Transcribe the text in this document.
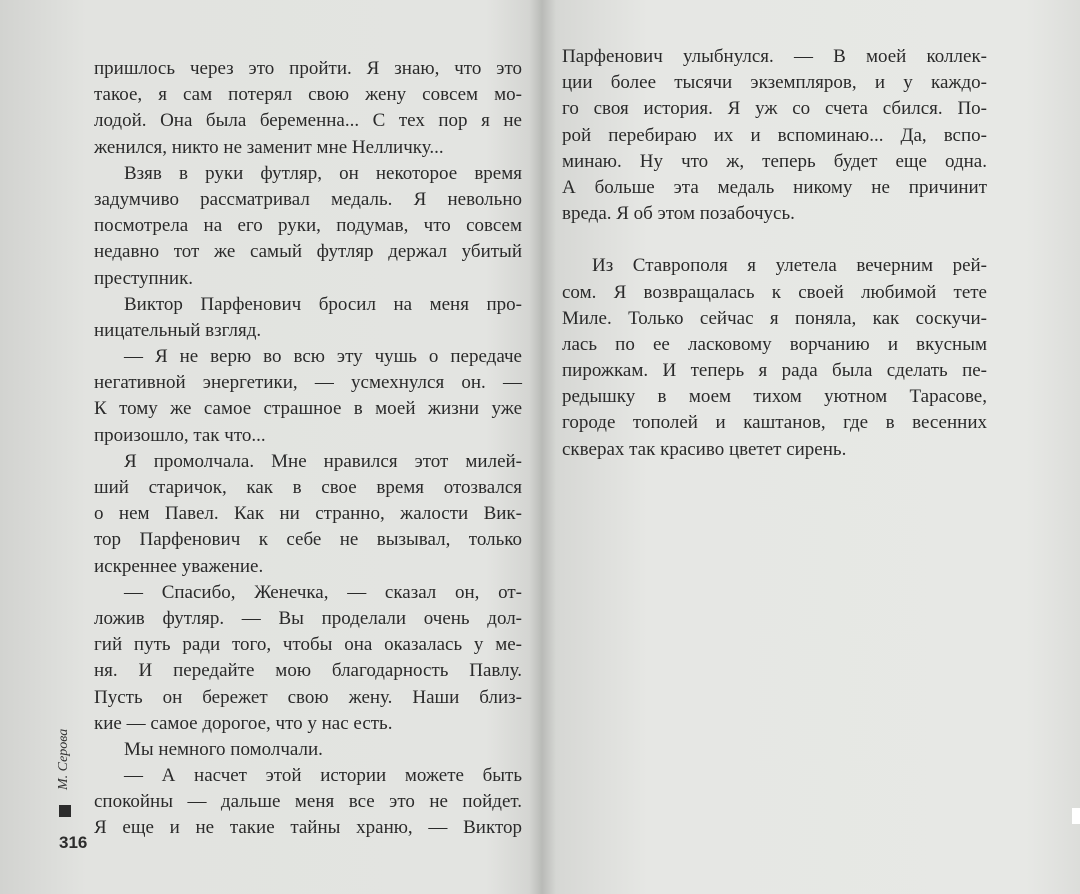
пришлось через это пройти. Я знаю, что это
такое, я сам потерял свою жену совсем мо-
лодой. Она была беременна... С тех пор я не
женился, никто не заменит мне Нелличку...
Взяв в руки футляр, он некоторое время
задумчиво рассматривал медаль. Я невольно
посмотрела на его руки, подумав, что совсем
недавно тот же самый футляр держал убитый
преступник.
Виктор Парфенович бросил на меня про-
ницательный взгляд.
— Я не верю во всю эту чушь о передаче
негативной энергетики, — усмехнулся он. —
К тому же самое страшное в моей жизни уже
произошло, так что...
Я промолчала. Мне нравился этот милей-
ший старичок, как в свое время отозвался
о нем Павел. Как ни странно, жалости Вик-
тор Парфенович к себе не вызывал, только
искреннее уважение.
— Спасибо, Женечка, — сказал он, от-
ложив футляр. — Вы проделали очень дол-
гий путь ради того, чтобы она оказалась у ме-
ня. И передайте мою благодарность Павлу.
Пусть он бережет свою жену. Наши близ-
кие — самое дорогое, что у нас есть.
Мы немного помолчали.
— А насчет этой истории можете быть
спокойны — дальше меня все это не пойдет.
Я еще и не такие тайны храню, — Виктор
М. Серова
316
Парфенович улыбнулся. — В моей коллек-
ции более тысячи экземпляров, и у каждо-
го своя история. Я уж со счета сбился. По-
рой перебираю их и вспоминаю... Да, вспо-
минаю. Ну что ж, теперь будет еще одна.
А больше эта медаль никому не причинит
вреда. Я об этом позабочусь.
Из Ставрополя я улетела вечерним рей-
сом. Я возвращалась к своей любимой тете
Миле. Только сейчас я поняла, как соскучи-
лась по ее ласковому ворчанию и вкусным
пирожкам. И теперь я рада была сделать пе-
редышку в моем тихом уютном Тарасове,
городе тополей и каштанов, где в весенних
скверах так красиво цветет сирень.
